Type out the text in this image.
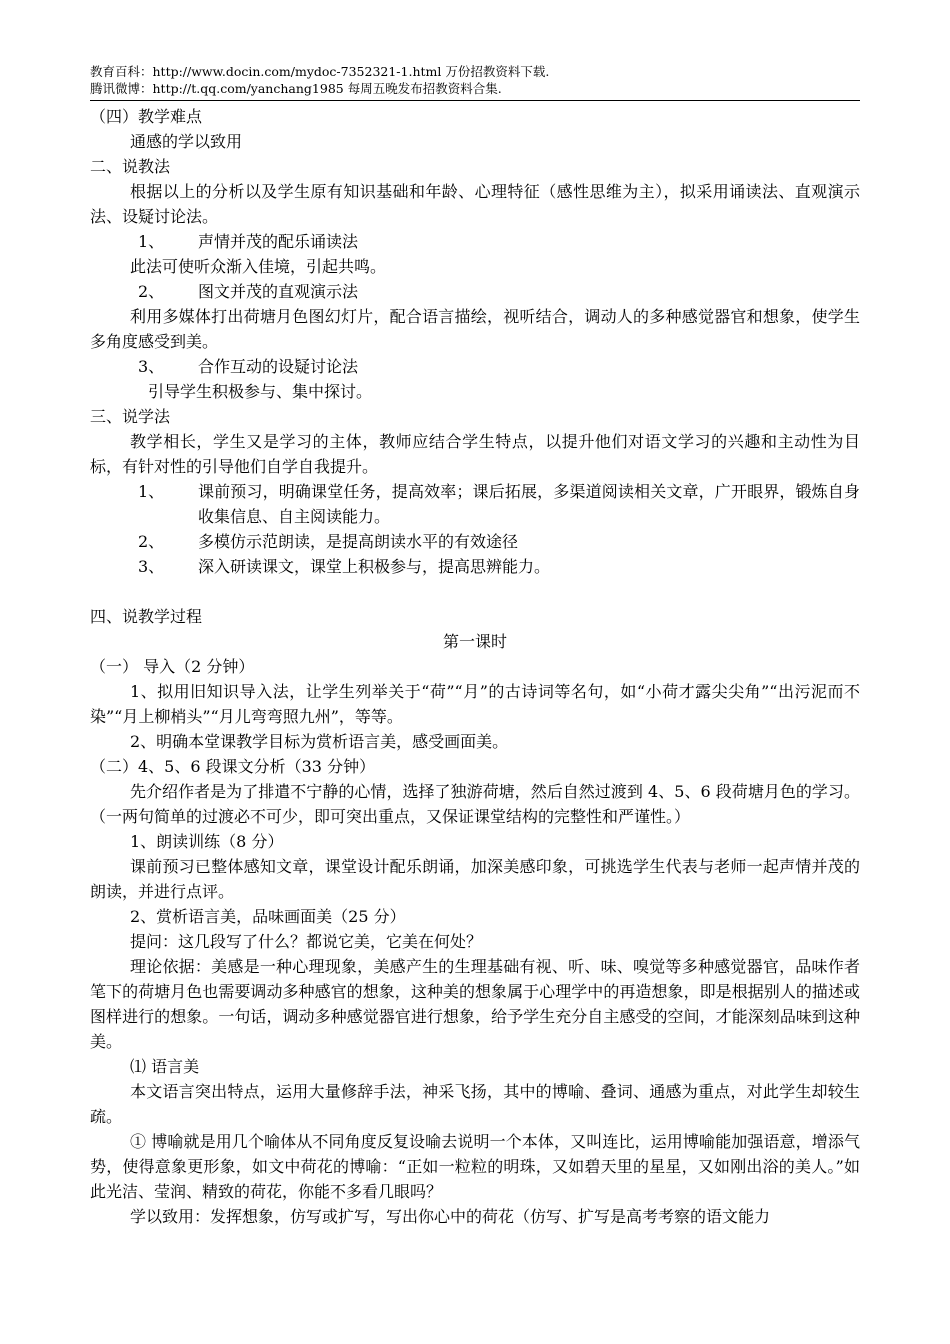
教育百科：http://www.docin.com/mydoc-7352321-1.html 万份招教资料下载.
腾讯微博：http://t.qq.com/yanchang1985 每周五晚发布招教资料合集.
（四）教学难点
通感的学以致用
二、说教法
根据以上的分析以及学生原有知识基础和年龄、心理特征（感性思维为主），拟采用诵读法、直观演示法、设疑讨论法。
1、	声情并茂的配乐诵读法
此法可使听众渐入佳境，引起共鸣。
2、	图文并茂的直观演示法
利用多媒体打出荷塘月色图幻灯片，配合语言描绘，视听结合，调动人的多种感觉器官和想象，使学生多角度感受到美。
3、	合作互动的设疑讨论法
引导学生积极参与、集中探讨。
三、说学法
教学相长，学生又是学习的主体，教师应结合学生特点，以提升他们对语文学习的兴趣和主动性为目标，有针对性的引导他们自学自我提升。
1、	课前预习，明确课堂任务，提高效率；课后拓展，多渠道阅读相关文章，广开眼界，锻炼自身收集信息、自主阅读能力。
2、	多模仿示范朗读，是提高朗读水平的有效途径
3、	深入研读课文，课堂上积极参与，提高思辨能力。
四、说教学过程
第一课时
（一） 导入（2 分钟）
1、拟用旧知识导入法，让学生列举关于“荷”“月”的古诗词等名句，如“小荷才露尖尖角”“出污泥而不染”“月上柳梢头”“月儿弯弯照九州”，等等。
2、明确本堂课教学目标为赏析语言美，感受画面美。
（二）4、5、6 段课文分析（33 分钟）
先介绍作者是为了排遣不宁静的心情，选择了独游荷塘，然后自然过渡到 4、5、6 段荷塘月色的学习。（一两句简单的过渡必不可少，即可突出重点，又保证课堂结构的完整性和严谨性。）
1、朗读训练（8 分）
课前预习已整体感知文章，课堂设计配乐朗诵，加深美感印象，可挑选学生代表与老师一起声情并茂的朗读，并进行点评。
2、赏析语言美，品味画面美（25 分）
提问：这几段写了什么？都说它美，它美在何处？
理论依据：美感是一种心理现象，美感产生的生理基础有视、听、味、嗅觉等多种感觉器官，品味作者笔下的荷塘月色也需要调动多种感官的想象，这种美的想象属于心理学中的再造想象，即是根据别人的描述或图样进行的想象。一句话，调动多种感觉器官进行想象，给予学生充分自主感受的空间，才能深刻品味到这种美。
⑴ 语言美
本文语言突出特点，运用大量修辞手法，神采飞扬，其中的博喻、叠词、通感为重点，对此学生却较生疏。
① 博喻就是用几个喻体从不同角度反复设喻去说明一个本体，又叫连比，运用博喻能加强语意，增添气势，使得意象更形象，如文中荷花的博喻：“正如一粒粒的明珠，又如碧天里的星星，又如刚出浴的美人。”如此光洁、莹润、精致的荷花，你能不多看几眼吗？
学以致用：发挥想象，仿写或扩写，写出你心中的荷花（仿写、扩写是高考考察的语文能力
